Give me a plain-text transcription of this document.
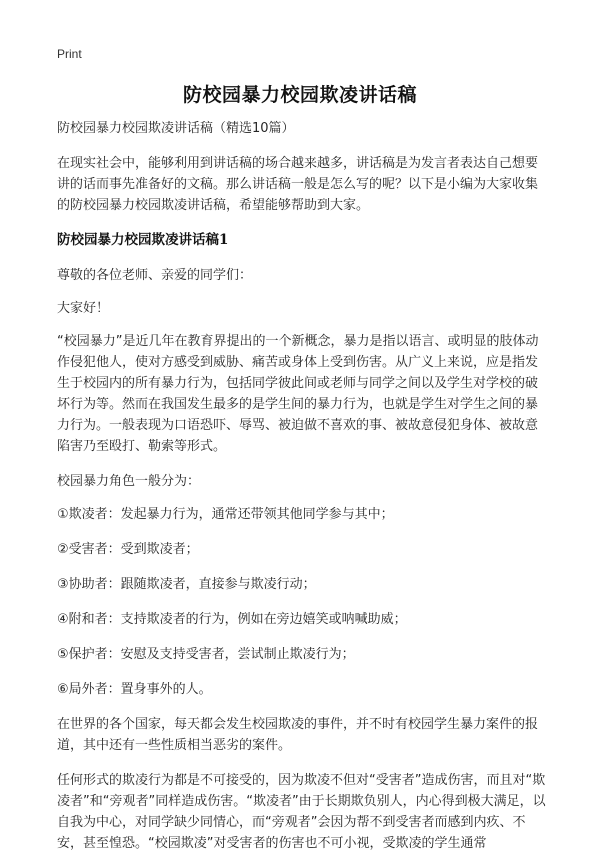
Print
防校园暴力校园欺凌讲话稿

防校园暴力校园欺凌讲话稿（精选10篇）

在现实社会中，能够利用到讲话稿的场合越来越多，讲话稿是为发言者表达自己想要讲的话而事先准备好的文稿。那么讲话稿一般是怎么写的呢？以下是小编为大家收集的防校园暴力校园欺凌讲话稿，希望能够帮助到大家。

防校园暴力校园欺凌讲话稿1

尊敬的各位老师、亲爱的同学们：

大家好！

“校园暴力”是近几年在教育界提出的一个新概念，暴力是指以语言、或明显的肢体动作侵犯他人，使对方感受到威胁、痛苦或身体上受到伤害。从广义上来说，应是指发生于校园内的所有暴力行为，包括同学彼此间或老师与同学之间以及学生对学校的破坏行为等。然而在我国发生最多的是学生间的暴力行为，也就是学生对学生之间的暴力行为。一般表现为口语恐吓、辱骂、被迫做不喜欢的事、被故意侵犯身体、被故意陷害乃至殴打、勒索等形式。

校园暴力角色一般分为：

①欺凌者：发起暴力行为，通常还带领其他同学参与其中；

②受害者：受到欺凌者；

③协助者：跟随欺凌者，直接参与欺凌行动；

④附和者：支持欺凌者的行为，例如在旁边嬉笑或呐喊助威；

⑤保护者：安慰及支持受害者，尝试制止欺凌行为；

⑥局外者：置身事外的人。

在世界的各个国家，每天都会发生校园欺凌的事件，并不时有校园学生暴力案件的报道，其中还有一些性质相当恶劣的案件。

任何形式的欺凌行为都是不可接受的，因为欺凌不但对“受害者”造成伤害，而且对“欺凌者”和“旁观者”同样造成伤害。“欺凌者”由于长期欺负别人，内心得到极大满足，以自我为中心，对同学缺少同情心，而“旁观者”会因为帮不到受害者而感到内疚、不安，甚至惶恐。“校园欺凌”对受害者的伤害也不可小视，受欺凌的学生通常
